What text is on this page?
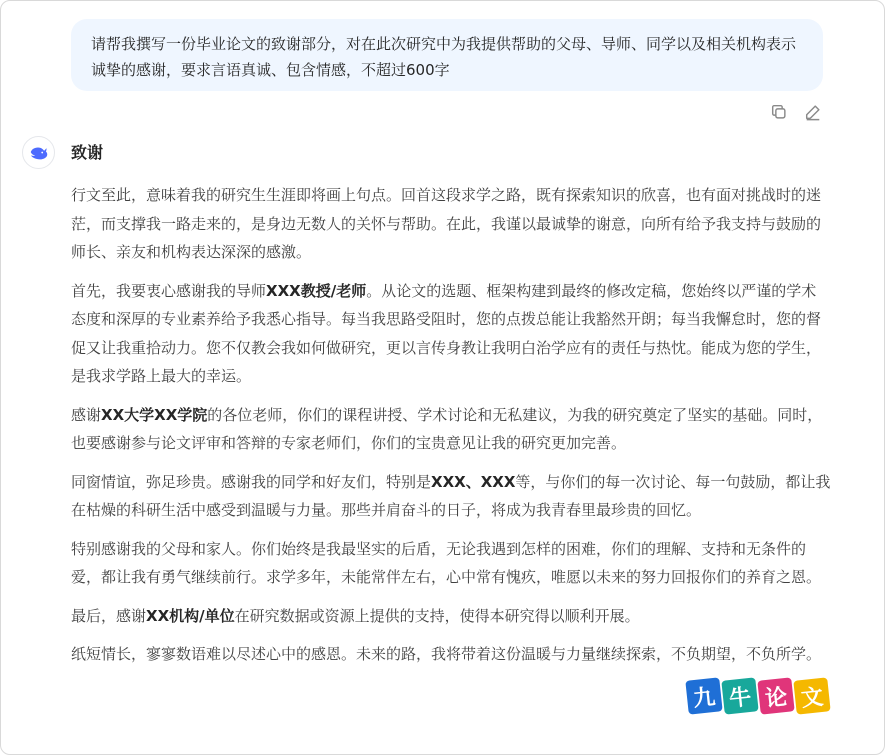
请帮我撰写一份毕业论文的致谢部分，对在此次研究中为我提供帮助的父母、导师、同学以及相关机构表示诚挚的感谢，要求言语真诚、包含情感，不超过600字
致谢

行文至此，意味着我的研究生生涯即将画上句点。回首这段求学之路，既有探索知识的欣喜，也有面对挑战时的迷茫，而支撑我一路走来的，是身边无数人的关怀与帮助。在此，我谨以最诚挚的谢意，向所有给予我支持与鼓励的师长、亲友和机构表达深深的感激。

首先，我要衷心感谢我的导师XXX教授/老师。从论文的选题、框架构建到最终的修改定稿，您始终以严谨的学术态度和深厚的专业素养给予我悉心指导。每当我思路受阻时，您的点拨总能让我豁然开朗；每当我懈怠时，您的督促又让我重拾动力。您不仅教会我如何做研究，更以言传身教让我明白治学应有的责任与热忱。能成为您的学生，是我求学路上最大的幸运。

感谢XX大学XX学院的各位老师，你们的课程讲授、学术讨论和无私建议，为我的研究奠定了坚实的基础。同时，也要感谢参与论文评审和答辩的专家老师们，你们的宝贵意见让我的研究更加完善。

同窗情谊，弥足珍贵。感谢我的同学和好友们，特别是XXX、XXX等，与你们的每一次讨论、每一句鼓励，都让我在枯燥的科研生活中感受到温暖与力量。那些并肩奋斗的日子，将成为我青春里最珍贵的回忆。

特别感谢我的父母和家人。你们始终是我最坚实的后盾，无论我遇到怎样的困难，你们的理解、支持和无条件的爱，都让我有勇气继续前行。求学多年，未能常伴左右，心中常有愧疚，唯愿以未来的努力回报你们的养育之恩。

最后，感谢XX机构/单位在研究数据或资源上提供的支持，使得本研究得以顺利开展。

纸短情长，寥寥数语难以尽述心中的感恩。未来的路，我将带着这份温暖与力量继续探索，不负期望，不负所学。

九 牛 论 文
